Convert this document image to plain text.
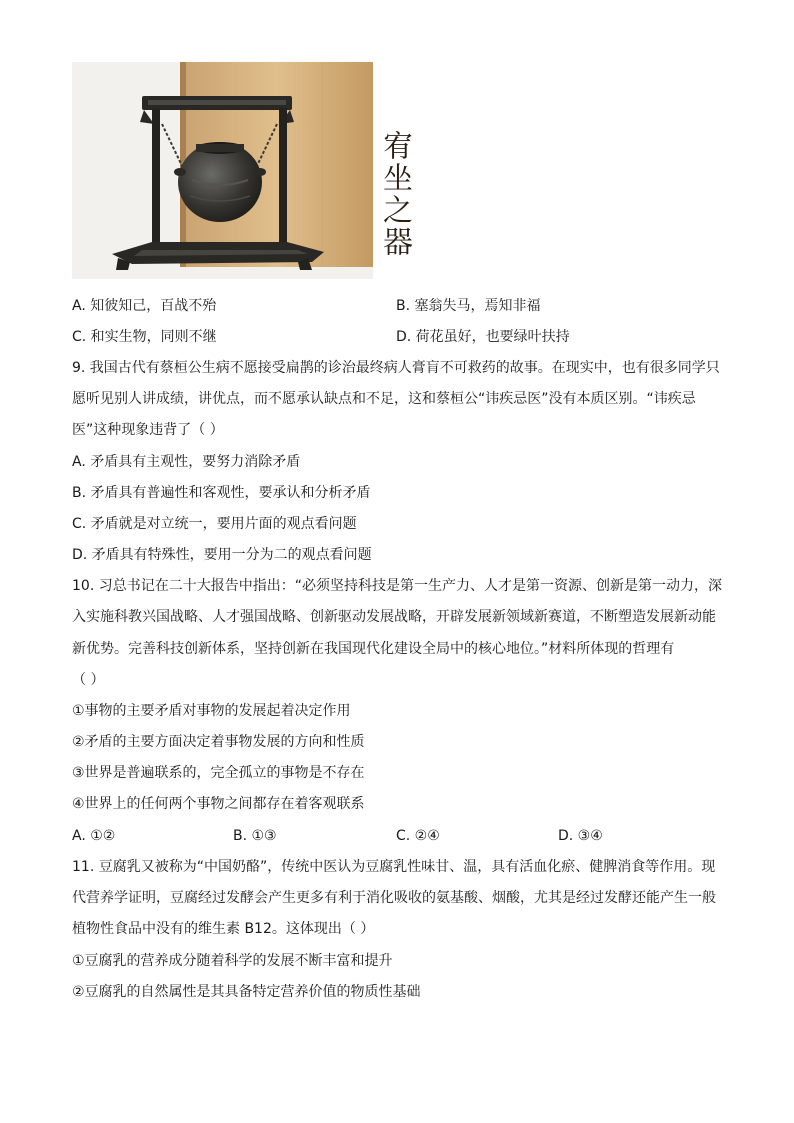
宥坐之器
A. 知彼知己，百战不殆	B. 塞翁失马，焉知非福
C. 和实生物，同则不继	D. 荷花虽好，也要绿叶扶持
9. 我国古代有蔡桓公生病不愿接受扁鹊的诊治最终病人膏肓不可救药的故事。在现实中，也有很多同学只
愿听见别人讲成绩，讲优点，而不愿承认缺点和不足，这和蔡桓公“讳疾忌医”没有本质区别。“讳疾忌
医”这种现象违背了（ ）
A. 矛盾具有主观性，要努力消除矛盾
B. 矛盾具有普遍性和客观性，要承认和分析矛盾
C. 矛盾就是对立统一，要用片面的观点看问题
D. 矛盾具有特殊性，要用一分为二的观点看问题
10. 习总书记在二十大报告中指出：“必须坚持科技是第一生产力、人才是第一资源、创新是第一动力，深
入实施科教兴国战略、人才强国战略、创新驱动发展战略，开辟发展新领域新赛道，不断塑造发展新动能
新优势。完善科技创新体系，坚持创新在我国现代化建设全局中的核心地位。”材料所体现的哲理有
（ ）
①事物的主要矛盾对事物的发展起着决定作用
②矛盾的主要方面决定着事物发展的方向和性质
③世界是普遍联系的，完全孤立的事物是不存在
④世界上的任何两个事物之间都存在着客观联系
A. ①②	B. ①③	C. ②④	D. ③④
11. 豆腐乳又被称为“中国奶酪”，传统中医认为豆腐乳性味甘、温，具有活血化瘀、健脾消食等作用。现
代营养学证明，豆腐经过发酵会产生更多有利于消化吸收的氨基酸、烟酸，尤其是经过发酵还能产生一般
植物性食品中没有的维生素 B12。这体现出（ ）
①豆腐乳的营养成分随着科学的发展不断丰富和提升
②豆腐乳的自然属性是其具备特定营养价值的物质性基础
